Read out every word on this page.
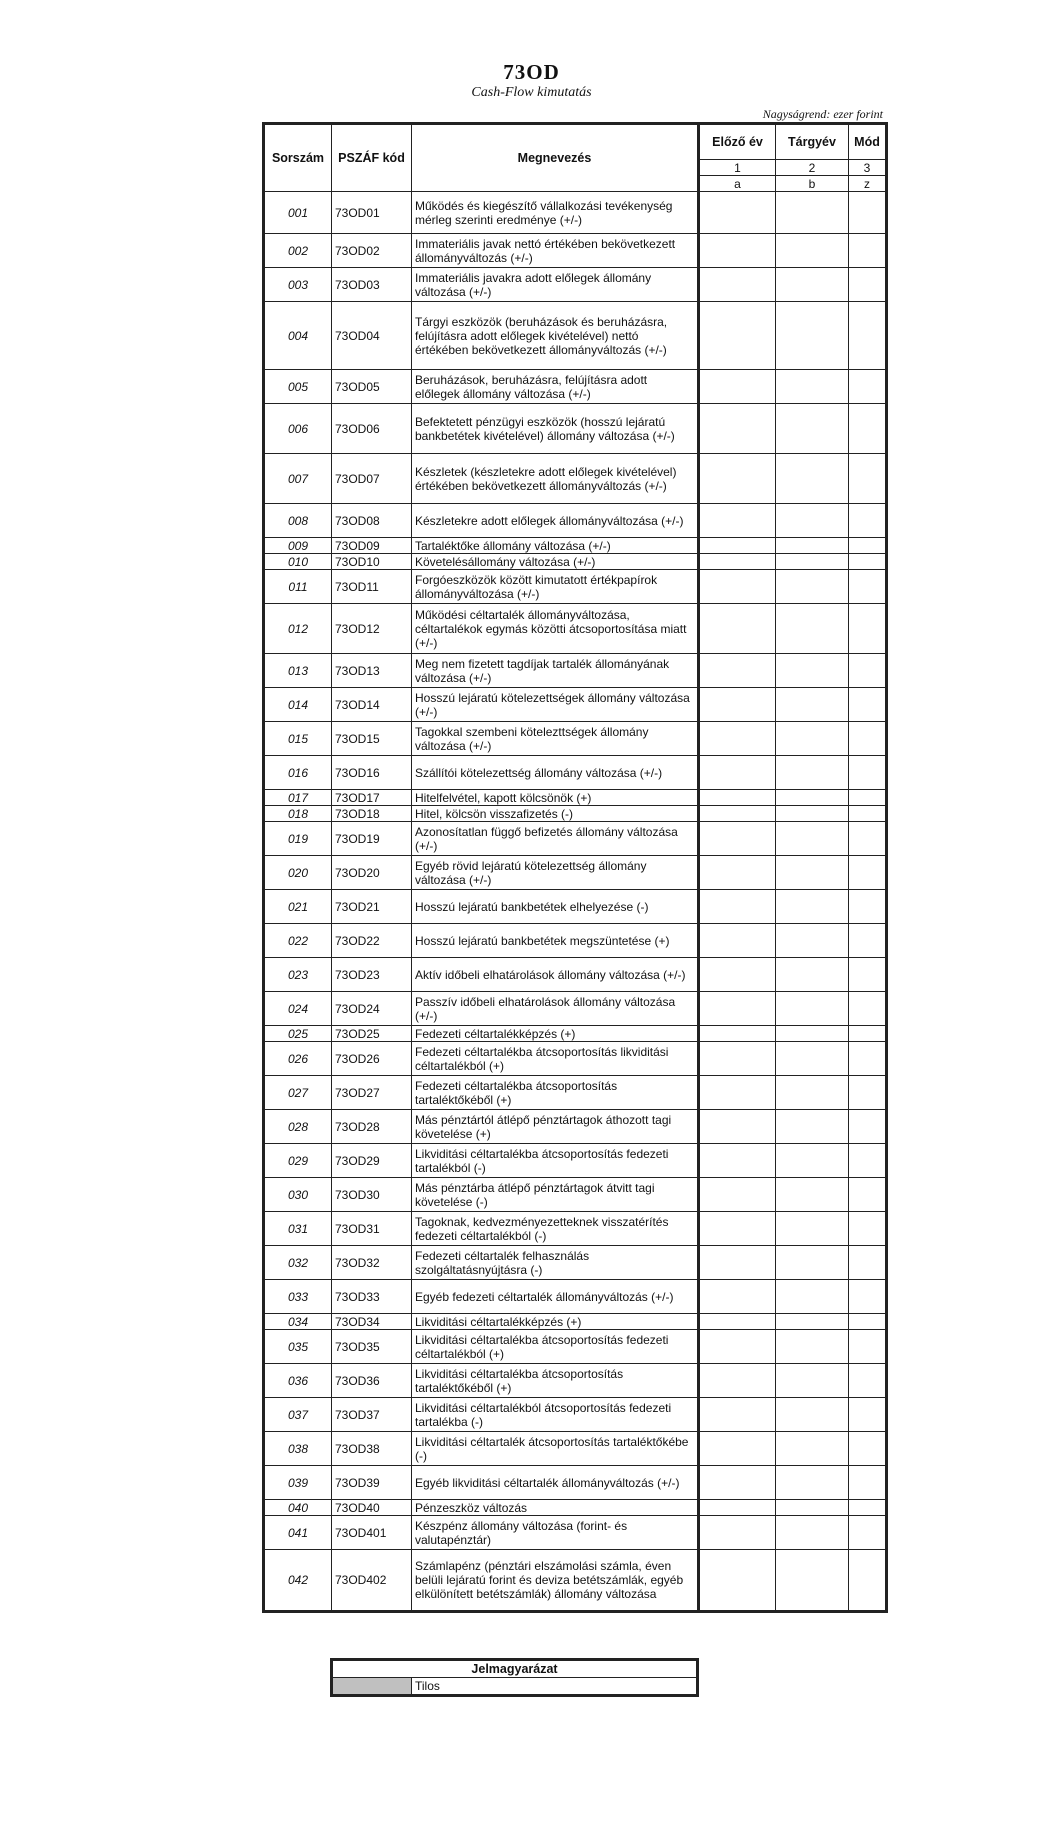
73OD
Cash-Flow kimutatás
Nagyságrend: ezer forint
Sorszám	PSZÁF kód	Megnevezés	Előző év	Tárgyév	Mód
			1	2	3
			a	b	z
001	73OD01	Működés és kiegészítő vállalkozási tevékenység mérleg szerinti eredménye (+/-)			
002	73OD02	Immateriális javak nettó értékében bekövetkezett állományváltozás (+/-)			
003	73OD03	Immateriális javakra adott előlegek állomány változása (+/-)			
004	73OD04	Tárgyi eszközök (beruházások és beruházásra, felújításra adott előlegek kivételével) nettó értékében bekövetkezett állományváltozás (+/-)			
005	73OD05	Beruházások, beruházásra, felújításra adott előlegek állomány változása (+/-)			
006	73OD06	Befektetett pénzügyi eszközök (hosszú lejáratú bankbetétek kivételével) állomány változása (+/-)			
007	73OD07	Készletek (készletekre adott előlegek kivételével) értékében bekövetkezett állományváltozás (+/-)			
008	73OD08	Készletekre adott előlegek állományváltozása (+/-)			
009	73OD09	Tartaléktőke állomány változása (+/-)			
010	73OD10	Követelésállomány változása (+/-)			
011	73OD11	Forgóeszközök között kimutatott értékpapírok állományváltozása (+/-)			
012	73OD12	Működési céltartalék állományváltozása, céltartalékok egymás közötti átcsoportosítása miatt (+/-)			
013	73OD13	Meg nem fizetett tagdíjak tartalék állományának változása (+/-)			
014	73OD14	Hosszú lejáratú kötelezettségek állomány változása (+/-)			
015	73OD15	Tagokkal szembeni kötelezttségek állomány változása (+/-)			
016	73OD16	Szállítói kötelezettség állomány változása (+/-)			
017	73OD17	Hitelfelvétel, kapott kölcsönök (+)			
018	73OD18	Hitel, kölcsön visszafizetés (-)			
019	73OD19	Azonosítatlan függő befizetés állomány változása (+/-)			
020	73OD20	Egyéb rövid lejáratú kötelezettség állomány változása (+/-)			
021	73OD21	Hosszú lejáratú bankbetétek elhelyezése (-)			
022	73OD22	Hosszú lejáratú bankbetétek megszüntetése (+)			
023	73OD23	Aktív időbeli elhatárolások állomány változása (+/-)			
024	73OD24	Passzív időbeli elhatárolások állomány változása (+/-)			
025	73OD25	Fedezeti céltartalékképzés (+)			
026	73OD26	Fedezeti céltartalékba átcsoportosítás likviditási céltartalékból (+)			
027	73OD27	Fedezeti céltartalékba átcsoportosítás tartaléktőkéből (+)			
028	73OD28	Más pénztártól átlépő pénztártagok áthozott tagi követelése (+)			
029	73OD29	Likviditási céltartalékba átcsoportosítás fedezeti tartalékból (-)			
030	73OD30	Más pénztárba átlépő pénztártagok átvitt tagi követelése (-)			
031	73OD31	Tagoknak, kedvezményezetteknek visszatérítés fedezeti céltartalékból (-)			
032	73OD32	Fedezeti céltartalék felhasználás szolgáltatásnyújtásra (-)			
033	73OD33	Egyéb fedezeti céltartalék állományváltozás (+/-)			
034	73OD34	Likviditási céltartalékképzés (+)			
035	73OD35	Likviditási céltartalékba átcsoportosítás fedezeti céltartalékból (+)			
036	73OD36	Likviditási céltartalékba átcsoportosítás tartaléktőkéből (+)			
037	73OD37	Likviditási céltartalékból átcsoportosítás fedezeti tartalékba (-)			
038	73OD38	Likviditási céltartalék átcsoportosítás tartaléktőkébe (-)			
039	73OD39	Egyéb likviditási céltartalék állományváltozás (+/-)			
040	73OD40	Pénzeszköz változás			
041	73OD401	Készpénz állomány változása (forint- és valutapénztár)			
042	73OD402	Számlapénz (pénztári elszámolási számla, éven belüli lejáratú forint és deviza betétszámlák, egyéb elkülönített betétszámlák) állomány változása			
Jelmagyarázat
	Tilos
